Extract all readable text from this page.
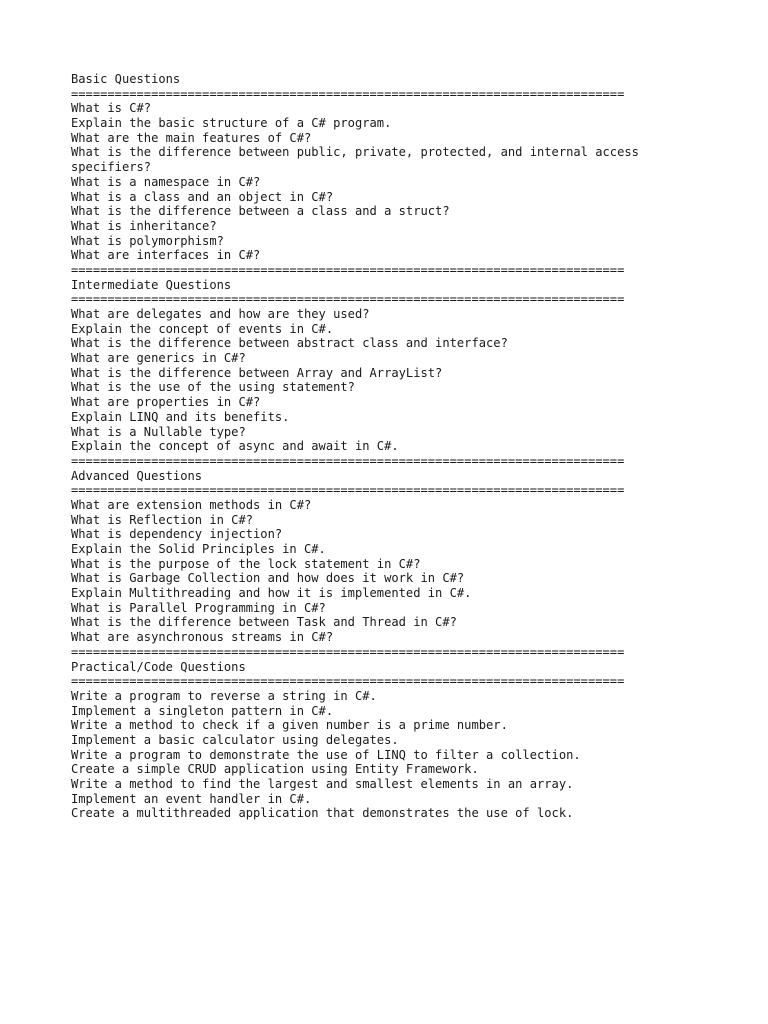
Basic Questions
============================================================================
What is C#?
Explain the basic structure of a C# program.
What are the main features of C#?
What is the difference between public, private, protected, and internal access
specifiers?
What is a namespace in C#?
What is a class and an object in C#?
What is the difference between a class and a struct?
What is inheritance?
What is polymorphism?
What are interfaces in C#?
============================================================================
Intermediate Questions
============================================================================
What are delegates and how are they used?
Explain the concept of events in C#.
What is the difference between abstract class and interface?
What are generics in C#?
What is the difference between Array and ArrayList?
What is the use of the using statement?
What are properties in C#?
Explain LINQ and its benefits.
What is a Nullable type?
Explain the concept of async and await in C#.
============================================================================
Advanced Questions
============================================================================
What are extension methods in C#?
What is Reflection in C#?
What is dependency injection?
Explain the Solid Principles in C#.
What is the purpose of the lock statement in C#?
What is Garbage Collection and how does it work in C#?
Explain Multithreading and how it is implemented in C#.
What is Parallel Programming in C#?
What is the difference between Task and Thread in C#?
What are asynchronous streams in C#?
============================================================================
Practical/Code Questions
============================================================================
Write a program to reverse a string in C#.
Implement a singleton pattern in C#.
Write a method to check if a given number is a prime number.
Implement a basic calculator using delegates.
Write a program to demonstrate the use of LINQ to filter a collection.
Create a simple CRUD application using Entity Framework.
Write a method to find the largest and smallest elements in an array.
Implement an event handler in C#.
Create a multithreaded application that demonstrates the use of lock.
